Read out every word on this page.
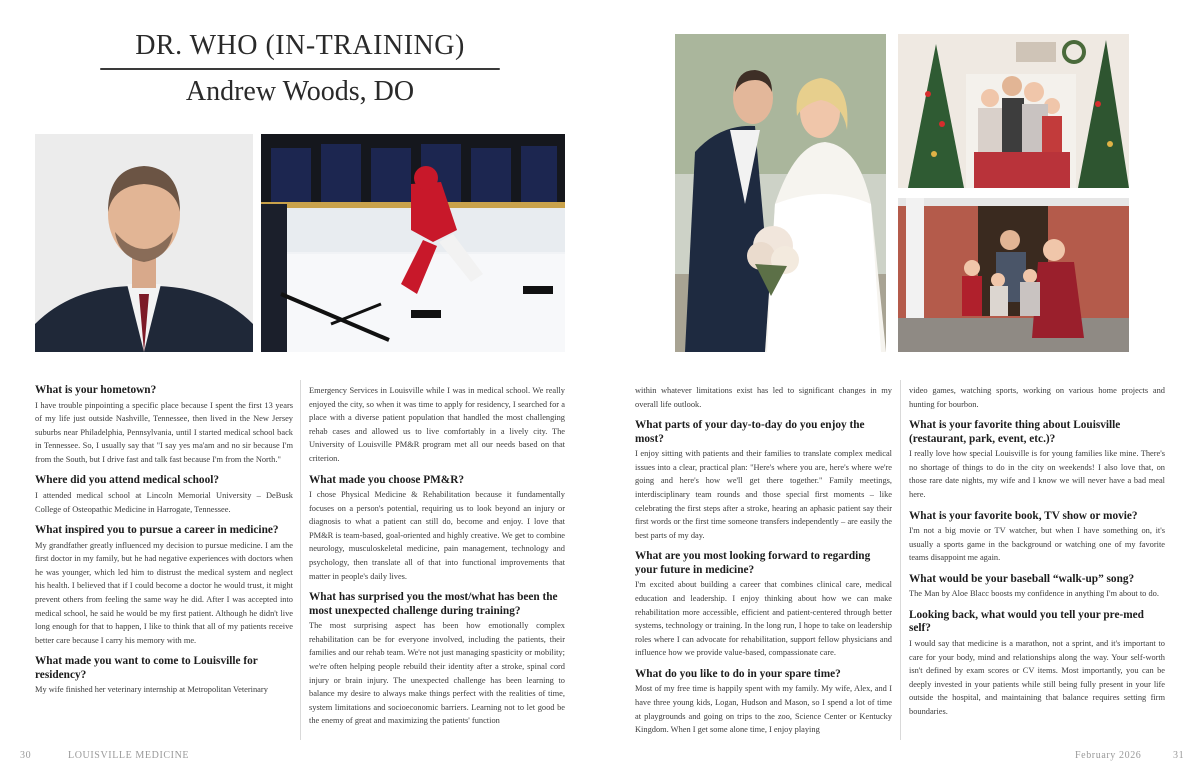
DR. WHO (IN-TRAINING)
Andrew Woods, DO
What is your hometown?

I have trouble pinpointing a specific place because I spent the first 13 years of my life just outside Nashville, Tennessee, then lived in the New Jersey suburbs near Philadelphia, Pennsylvania, until I started medical school back in Tennessee. So, I usually say that "I say yes ma'am and no sir because I'm from the South, but I drive fast and talk fast because I'm from the North."

Where did you attend medical school?

I attended medical school at Lincoln Memorial University – DeBusk College of Osteopathic Medicine in Harrogate, Tennessee.

What inspired you to pursue a career in medicine?

My grandfather greatly influenced my decision to pursue medicine. I am the first doctor in my family, but he had negative experiences with doctors when he was younger, which led him to distrust the medical system and neglect his health. I believed that if I could become a doctor he would trust, it might prevent others from feeling the same way he did. After I was accepted into medical school, he said he would be my first patient. Although he didn't live long enough for that to happen, I like to think that all of my patients receive better care because I carry his memory with me.

What made you want to come to Louisville for residency?

My wife finished her veterinary internship at Metropolitan Veterinary

Emergency Services in Louisville while I was in medical school. We really enjoyed the city, so when it was time to apply for residency, I searched for a place with a diverse patient population that handled the most challenging rehab cases and allowed us to live comfortably in a lively city. The University of Louisville PM&R program met all our needs based on that criterion.

What made you choose PM&R?

I chose Physical Medicine & Rehabilitation because it fundamentally focuses on a person's potential, requiring us to look beyond an injury or diagnosis to what a patient can still do, become and enjoy. I love that PM&R is team-based, goal-oriented and highly creative. We get to combine neurology, musculoskeletal medicine, pain management, technology and psychology, then translate all of that into functional improvements that matter in people's daily lives.

What has surprised you the most/what has been the most unexpected challenge during training?

The most surprising aspect has been how emotionally complex rehabilitation can be for everyone involved, including the patients, their families and our rehab team. We're not just managing spasticity or mobility; we're often helping people rebuild their identity after a stroke, spinal cord injury or brain injury. The unexpected challenge has been learning to balance my desire to always make things perfect with the realities of time, system limitations and socioeconomic barriers. Learning not to let good be the enemy of great and maximizing the patients' function

within whatever limitations exist has led to significant changes in my overall life outlook.

What parts of your day-to-day do you enjoy the most?

I enjoy sitting with patients and their families to translate complex medical issues into a clear, practical plan: "Here's where you are, here's where we're going and here's how we'll get there together." Family meetings, interdisciplinary team rounds and those special first moments – like celebrating the first steps after a stroke, hearing an aphasic patient say their first words or the first time someone transfers independently – are easily the best parts of my day.

What are you most looking forward to regarding your future in medicine?

I'm excited about building a career that combines clinical care, medical education and leadership. I enjoy thinking about how we can make rehabilitation more accessible, efficient and patient-centered through better systems, technology or training. In the long run, I hope to take on leadership roles where I can advocate for rehabilitation, support fellow physicians and influence how we provide value-based, compassionate care.

What do you like to do in your spare time?

Most of my free time is happily spent with my family. My wife, Alex, and I have three young kids, Logan, Hudson and Mason, so I spend a lot of time at playgrounds and going on trips to the zoo, Science Center or Kentucky Kingdom. When I get some alone time, I enjoy playing

video games, watching sports, working on various home projects and hunting for bourbon.

What is your favorite thing about Louisville (restaurant, park, event, etc.)?

I really love how special Louisville is for young families like mine. There's no shortage of things to do in the city on weekends! I also love that, on those rare date nights, my wife and I know we will never have a bad meal here.

What is your favorite book, TV show or movie?

I'm not a big movie or TV watcher, but when I have something on, it's usually a sports game in the background or watching one of my favorite teams disappoint me again.

What would be your baseball “walk-up” song?

The Man by Aloe Blacc boosts my confidence in anything I'm about to do.

Looking back, what would you tell your pre-med self?

I would say that medicine is a marathon, not a sprint, and it's important to care for your body, mind and relationships along the way. Your self-worth isn't defined by exam scores or CV items. Most importantly, you can be deeply invested in your patients while still being fully present in your life outside the hospital, and maintaining that balance requires setting firm boundaries.

30	LOUISVILLE MEDICINE	February 2026	31
